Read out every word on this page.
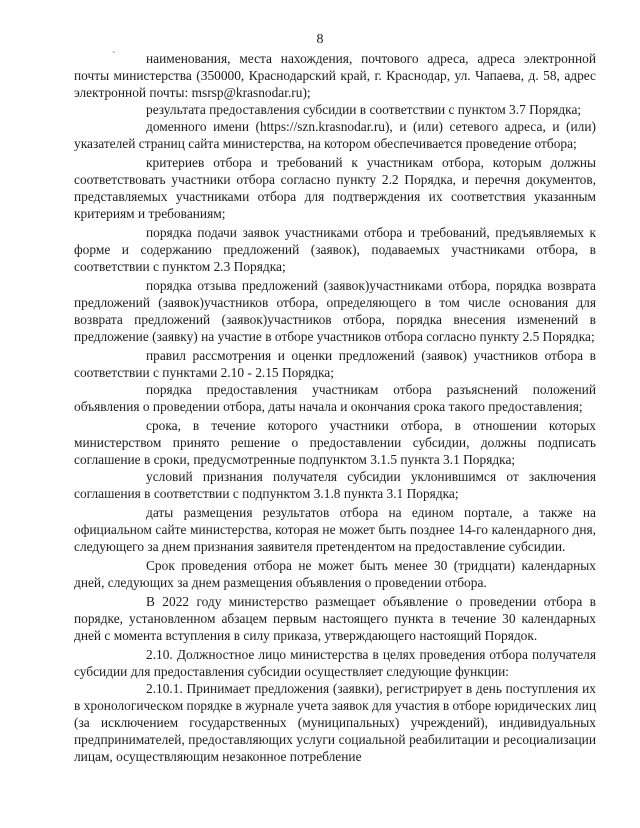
8
`	наименования, места нахождения, почтового адреса, адреса электронной почты министерства (350000, Краснодарский край, г. Краснодар, ул. Чапаева, д. 58, адрес электронной почты: msrsp@krasnodar.ru);

результата предоставления субсидии в соответствии с пунктом 3.7 Порядка;

доменного имени (https://szn.krasnodar.ru), и (или) сетевого адреса, и (или) указателей страниц сайта министерства, на котором обеспечивается проведение отбора;

критериев отбора и требований к участникам отбора, которым должны соответствовать участники отбора согласно пункту 2.2 Порядка, и перечня документов, представляемых участниками отбора для подтверждения их соответствия указанным критериям и требованиям;

порядка подачи заявок участниками отбора и требований, предъявляемых к форме и содержанию предложений (заявок), подаваемых участниками отбора, в соответствии с пунктом 2.3 Порядка;

порядка отзыва предложений (заявок)участниками отбора, порядка возврата предложений (заявок)участников отбора, определяющего в том числе основания для возврата предложений (заявок)участников отбора, порядка внесения изменений в предложение (заявку) на участие в отборе участников отбора согласно пункту 2.5 Порядка;

правил рассмотрения и оценки предложений (заявок) участников отбора в соответствии с пунктами 2.10 - 2.15 Порядка;

порядка предоставления участникам отбора разъяснений положений объявления о проведении отбора, даты начала и окончания срока такого предоставления;

срока, в течение которого участники отбора, в отношении которых министерством принято решение о предоставлении субсидии, должны подписать соглашение в сроки, предусмотренные подпунктом 3.1.5 пункта 3.1 Порядка;

условий признания получателя субсидии уклонившимся от заключения соглашения в соответствии с подпунктом 3.1.8 пункта 3.1 Порядка;

даты размещения результатов отбора на едином портале, а также на официальном сайте министерства, которая не может быть позднее 14-го календарного дня, следующего за днем признания заявителя претендентом на предоставление субсидии.

Срок проведения отбора не может быть менее 30 (тридцати) календарных дней, следующих за днем размещения объявления о проведении отбора.

В 2022 году министерство размещает объявление о проведении отбора в порядке, установленном абзацем первым настоящего пункта в течение 30 календарных дней с момента вступления в силу приказа, утверждающего настоящий Порядок.

2.10. Должностное лицо министерства в целях проведения отбора получателя субсидии для предоставления субсидии осуществляет следующие функции:

2.10.1. Принимает предложения (заявки), регистрирует в день поступления их в хронологическом порядке в журнале учета заявок для участия в отборе юридических лиц (за исключением государственных (муниципальных) учреждений), индивидуальных предпринимателей, предоставляющих услуги социальной реабилитации и ресоциализации лицам, осуществляющим незаконное потребление
